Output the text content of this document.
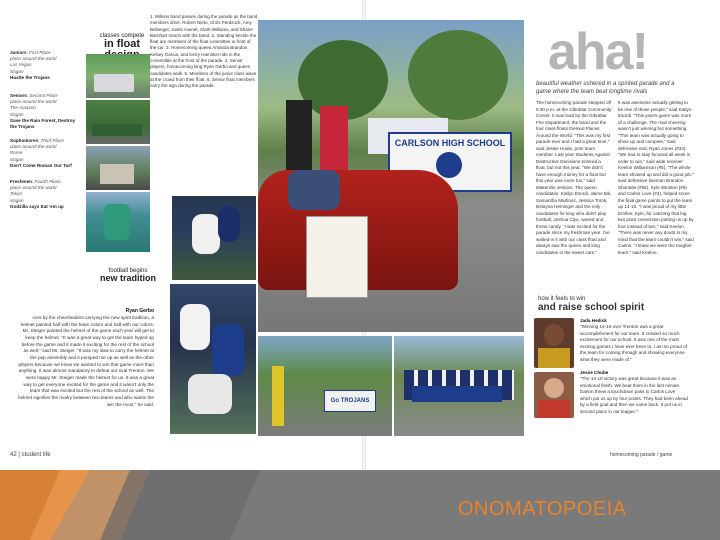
Juniors: First Place
place around the world
Las Vegas
slogan
Hustle the Trojans
Seniors: Second Place
place around the world
The Amazon
slogan
Save the Rain Forest, Destroy the Trojans
Sophomores: Third Place
place around the world
Rome
slogan
Don't Come Roman Our Turf
Freshmen: Fourth Place
place around the world
Tokyo
slogan
Godzilla says Eat 'em up
classes compete
in float
1. Wilkins band passes during the parade as the band members drive. Robert Nieto, Chris Perdzock, Amy Bellanger, Justin Hamet, Clark Williams, and Shane Barnhart march with the band. 2. Standing beside the float are members of the float committee in front of the car. 3. Homecoming queen Amanda Brandon, Kelsey Garcia, and Kerry Hamilton ride in the convertible at the front of the parade. 4. Senior players, homecoming king Ryan Gerbo and queen candidates walk. 5. Members of the junior class wave at the crowd from their float. 6. Senior float members carry the sign during the parade.
football begins
new tradition
Ryan Gerbo
runs by the cheerleaders carrying the new spirit tradition, a helmet painted half with the team colors and half with our colors. Mr. Steiger painted the helmet of the game each year will get to keep the helmet. "It was a great way to get the team hyped up before the game and it made it exciting for the rest of the school as well," said Mr. Steiger. "It was my idea to carry the helmet at the pep assembly and it pumped me up as well as the other players because we knew we wanted to win that game more than anything. It was almost mandatory to defeat our rival Trenton. We were happy Mr. Steiger made the helmet for us. It was a great way to get everyone excited for the game and it wasn't only the team that was excited but the rest of the school as well. The helmet signifies the rivalry between two teams and who wants the win the most," he said.
42 | student life
CARLSON HIGH SCHOOL
Go TROJANS
aha!
beautiful weather ushered in a spirited parade and a game where the team beat longtime rivals
The homecoming parade stepped off 5:30 p.m. at the Gibraltar Community Center. It was lead by the Gibraltar Fire Department, the band and the four class floats themed Places Around the World. "This was my first parade ever and I had a great time," said Jessie Hoide, pom team member. Last year Students Against Destructive Decisions entered a float, but not this year. "We didn't have enough money for a float but this year was more fun," said Makenzie Jenkins. The queen candidates: Katlyn Esordi, Jaime Bik, Samantha Martinez, Jessica Torok, Delayna Heminger and the only candidates for king who didn't play football, Joshua Clye, waved and threw candy. "I was excited for the parade since my freshman year. I've waited in it with our class float and always saw the queen and king candidates in the sweet cars."
It was awesome actually getting to be one of those people," said Katlyn Esordi. "This year's game was more of a challenge. The rival cheering wasn't just winning but something. "This team was actually going to show up and compete," said defensive end, Ryan Jones (#34). "We had to stay focused all week in order to win," said wide receiver Keelon Williamson (#5). "The whole team showed up and did a good job," said defensive lineman Brandon Shuntide (#55). Kyle Winston (#9) and Carlos Love (#4), helped score the final game points to put the team up 14-10. "I was proud of my little brother, Kyle, for catching that big two point conversion putting us up by four instead of two," said Keelon. "There was never any doubt in my mind that the team couldn't win," said Carlos. "I knew we were the tougher team," said Keelon.
how it feels to win
and raise school spirit
Jada Hedick
"Winning 14-10 over Trenton was a great accomplishment for our team. It created so much excitement for our school. It was one of the most exciting games I have ever been to. I am so proud of the team for coming through and showing everyone what they were made of."
Jesse Chube
"The 14-10 victory was great because it was an emotional finish. We beat them in the last minute. Darion threw a touchdown pass to Carlos Love which put us up by four points. They had been ahead by a field goal and then we came back. It put us in second place in our league."
homecoming parade / game
ONOMATOPOEIA
